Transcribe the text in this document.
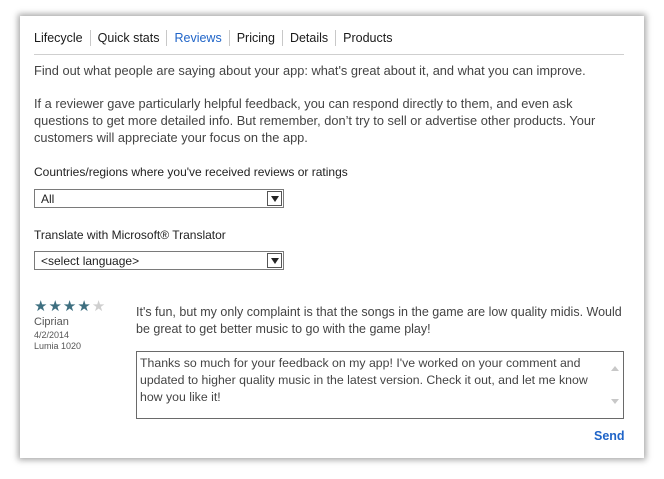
Lifecycle	Quick stats	Reviews	Pricing	Details	Products

Find out what people are saying about your app: what's great about it, and what you can improve.

If a reviewer gave particularly helpful feedback, you can respond directly to them, and even ask questions to get more detailed info. But remember, don’t try to sell or advertise other products. Your customers will appreciate your focus on the app.

Countries/regions where you've received reviews or ratings
All
Translate with Microsoft® Translator
<select language>
★ ★ ★ ★ ★
Ciprian
4/2/2014
Lumia 1020

It's fun, but my only complaint is that the songs in the game are low quality midis. Would be great to get better music to go with the game play!

Thanks so much for your feedback on my app! I've worked on your comment and updated to higher quality music in the latest version. Check it out, and let me know how you like it!

Send
